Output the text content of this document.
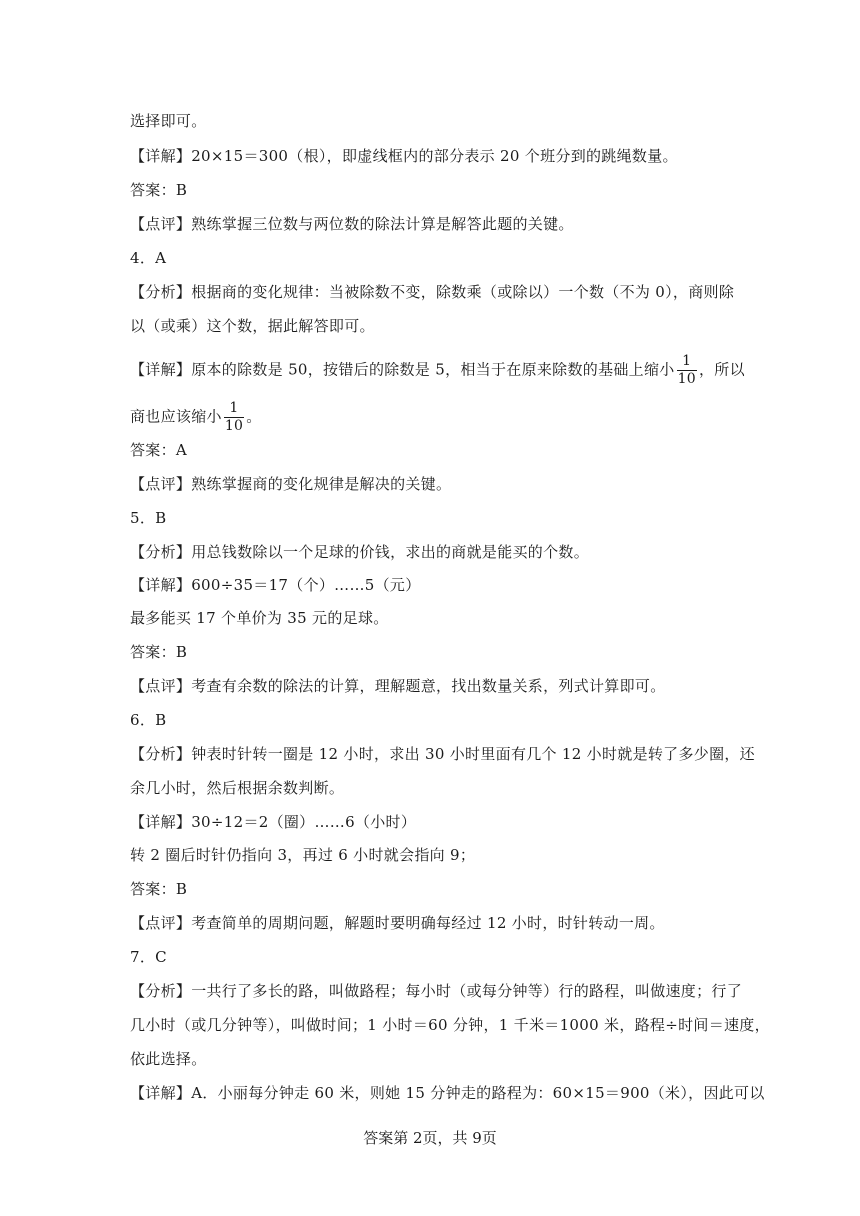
选择即可。
【详解】20×15＝300（根），即虚线框内的部分表示 20 个班分到的跳绳数量。
答案：B
【点评】熟练掌握三位数与两位数的除法计算是解答此题的关键。
4．A
【分析】根据商的变化规律：当被除数不变，除数乘（或除以）一个数（不为 0），商则除
以（或乘）这个数，据此解答即可。
【详解】原本的除数是 50，按错后的除数是 5，相当于在原来除数的基础上缩小 $\frac{1}{10}$ ，所以
商也应该缩小 $\frac{1}{10}$ 。
答案：A
【点评】熟练掌握商的变化规律是解决的关键。
5．B
【分析】用总钱数除以一个足球的价钱，求出的商就是能买的个数。
【详解】600÷35＝17（个）……5（元）
最多能买 17 个单价为 35 元的足球。
答案：B
【点评】考查有余数的除法的计算，理解题意，找出数量关系，列式计算即可。
6．B
【分析】钟表时针转一圈是 12 小时，求出 30 小时里面有几个 12 小时就是转了多少圈，还
余几小时，然后根据余数判断。
【详解】30÷12＝2（圈）……6（小时）
转 2 圈后时针仍指向 3，再过 6 小时就会指向 9；
答案：B
【点评】考查简单的周期问题，解题时要明确每经过 12 小时，时针转动一周。
7．C
【分析】一共行了多长的路，叫做路程；每小时（或每分钟等）行的路程，叫做速度；行了
几小时（或几分钟等），叫做时间；1 小时＝60 分钟，1 千米＝1000 米，路程÷时间＝速度，
依此选择。
【详解】A．小丽每分钟走 60 米，则她 15 分钟走的路程为：60×15＝900（米），因此可以
答案第 2页，共 9页
